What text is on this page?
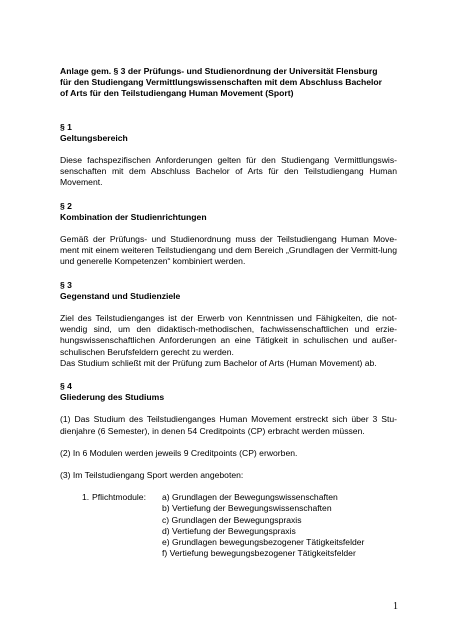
Anlage gem. § 3 der Prüfungs- und Studienordnung der Universität Flensburg
für den Studiengang Vermittlungswissenschaften mit dem Abschluss Bachelor
of Arts für den Teilstudiengang Human Movement (Sport)
§ 1
Geltungsbereich

Diese fachspezifischen Anforderungen gelten für den Studiengang Vermittlungswis-senschaften mit dem Abschluss Bachelor of Arts für den Teilstudiengang Human Movement.

§ 2
Kombination der Studienrichtungen

Gemäß der Prüfungs- und Studienordnung muss der Teilstudiengang Human Move-ment mit einem weiteren Teilstudiengang und dem Bereich „Grundlagen der Vermitt-lung und generelle Kompetenzen“ kombiniert werden.

§ 3
Gegenstand und Studienziele

Ziel des Teilstudienganges ist der Erwerb von Kenntnissen und Fähigkeiten, die not-wendig sind, um den didaktisch-methodischen, fachwissenschaftlichen und erzie-hungswissenschaftlichen Anforderungen an eine Tätigkeit in schulischen und außer-schulischen Berufsfeldern gerecht zu werden.

Das Studium schließt mit der Prüfung zum Bachelor of Arts (Human Movement) ab.

§ 4
Gliederung des Studiums

(1) Das Studium des Teilstudienganges Human Movement erstreckt sich über 3 Stu-dienjahre (6 Semester), in denen 54 Creditpoints (CP) erbracht werden müssen.

(2) In 6 Modulen werden jeweils 9 Creditpoints (CP) erworben.

(3) Im Teilstudiengang Sport werden angeboten:

1. Pflichtmodule: a) Grundlagen der Bewegungswissenschaften
b) Vertiefung der Bewegungswissenschaften
c) Grundlagen der Bewegungspraxis
d) Vertiefung der Bewegungspraxis
e) Grundlagen bewegungsbezogener Tätigkeitsfelder
f) Vertiefung bewegungsbezogener Tätigkeitsfelder
1
